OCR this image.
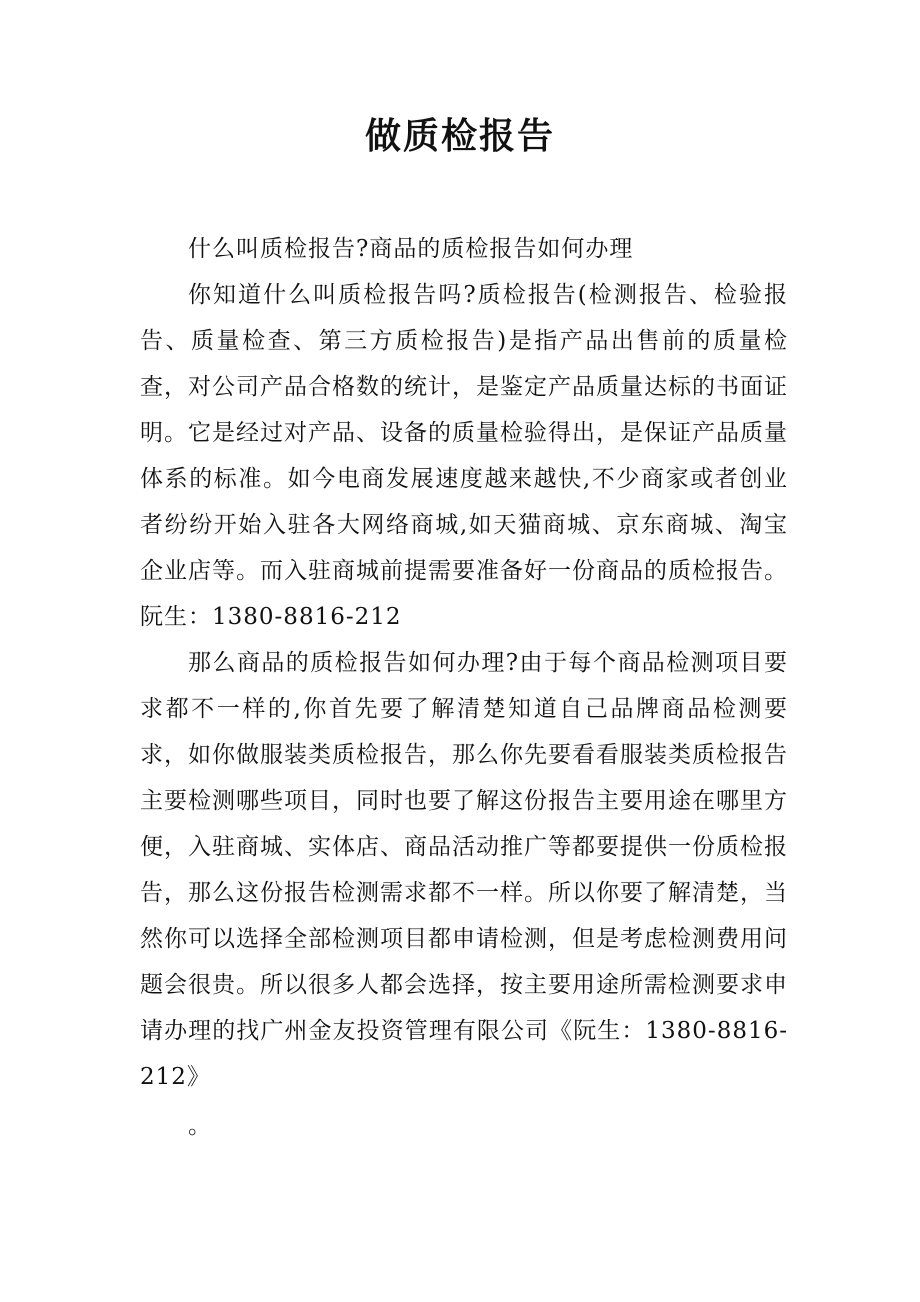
做质检报告

什么叫质检报告?商品的质检报告如何办理

你知道什么叫质检报告吗?质检报告(检测报告、检验报告、质量检查、第三方质检报告)是指产品出售前的质量检查，对公司产品合格数的统计，是鉴定产品质量达标的书面证明。它是经过对产品、设备的质量检验得出，是保证产品质量体系的标准。如今电商发展速度越来越快,不少商家或者创业者纷纷开始入驻各大网络商城,如天猫商城、京东商城、淘宝企业店等。而入驻商城前提需要准备好一份商品的质检报告。阮生：1380-8816-212

那么商品的质检报告如何办理?由于每个商品检测项目要求都不一样的,你首先要了解清楚知道自己品牌商品检测要求，如你做服装类质检报告，那么你先要看看服装类质检报告主要检测哪些项目，同时也要了解这份报告主要用途在哪里方便，入驻商城、实体店、商品活动推广等都要提供一份质检报告，那么这份报告检测需求都不一样。所以你要了解清楚，当然你可以选择全部检测项目都申请检测，但是考虑检测费用问题会很贵。所以很多人都会选择，按主要用途所需检测要求申请办理的找广州金友投资管理有限公司《阮生：1380-8816-212》

。
